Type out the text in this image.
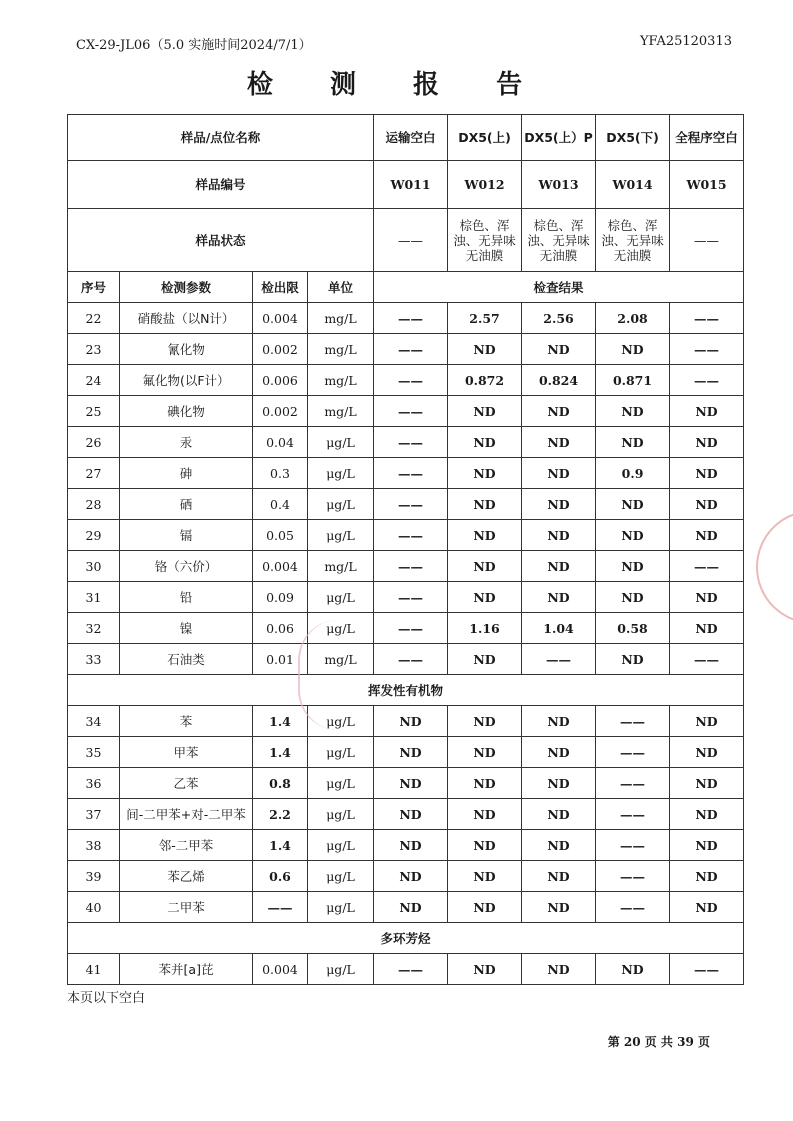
CX-29-JL06（5.0 实施时间2024/7/1）	YFA25120313
检 测 报 告
样品/点位名称				运输空白	DX5(上)	DX5(上）P	DX5(下)	全程序空白
样品编号				W011	W012	W013	W014	W015
样品状态				——	棕色、浑浊、无异味无油膜	棕色、浑浊、无异味无油膜	棕色、浑浊、无异味无油膜	——
序号	检测参数	检出限	单位	检查结果				
22	硝酸盐（以N计）	0.004	mg/L	——	2.57	2.56	2.08	——
23	氰化物	0.002	mg/L	——	ND	ND	ND	——
24	氟化物(以F计）	0.006	mg/L	——	0.872	0.824	0.871	——
25	碘化物	0.002	mg/L	——	ND	ND	ND	ND
26	汞	0.04	μg/L	——	ND	ND	ND	ND
27	砷	0.3	μg/L	——	ND	ND	0.9	ND
28	硒	0.4	μg/L	——	ND	ND	ND	ND
29	镉	0.05	μg/L	——	ND	ND	ND	ND
30	铬（六价）	0.004	mg/L	——	ND	ND	ND	——
31	铅	0.09	μg/L	——	ND	ND	ND	ND
32	镍	0.06	μg/L	——	1.16	1.04	0.58	ND
33	石油类	0.01	mg/L	——	ND	——	ND	——
挥发性有机物								
34	苯	1.4	μg/L	ND	ND	ND	——	ND
35	甲苯	1.4	μg/L	ND	ND	ND	——	ND
36	乙苯	0.8	μg/L	ND	ND	ND	——	ND
37	间-二甲苯+对-二甲苯	2.2	μg/L	ND	ND	ND	——	ND
38	邻-二甲苯	1.4	μg/L	ND	ND	ND	——	ND
39	苯乙烯	0.6	μg/L	ND	ND	ND	——	ND
40	二甲苯	——	μg/L	ND	ND	ND	——	ND
多环芳烃								
41	苯并[a]芘	0.004	μg/L	——	ND	ND	ND	——
本页以下空白
第 20 页 共 39 页
